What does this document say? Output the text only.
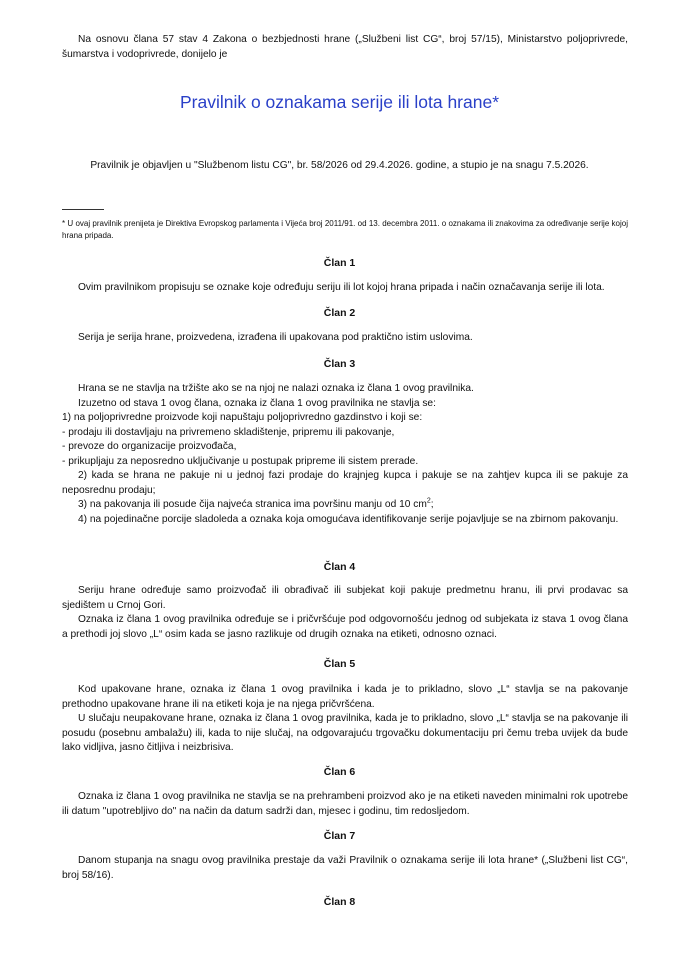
Na osnovu člana 57 stav 4 Zakona o bezbjednosti hrane („Službeni list CG“, broj 57/15), Ministarstvo poljoprivrede, šumarstva i vodoprivrede, donijelo je

Pravilnik o oznakama serije ili lota hrane*
Pravilnik je objavljen u "Službenom listu CG", br. 58/2026 od 29.4.2026. godine, a stupio je na snagu 7.5.2026.
* U ovaj pravilnik prenijeta je Direktiva Evropskog parlamenta i Vijeća broj 2011/91. od 13. decembra 2011. o oznakama ili znakovima za određivanje serije kojoj hrana pripada.
Član 1

Ovim pravilnikom propisuju se oznake koje određuju seriju ili lot kojoj hrana pripada i način označavanja serije ili lota.

Član 2

Serija je serija hrane, proizvedena, izrađena ili upakovana pod praktično istim uslovima.

Član 3
Hrana se ne stavlja na tržište ako se na njoj ne nalazi oznaka iz člana 1 ovog pravilnika.
Izuzetno od stava 1 ovog člana, oznaka iz člana 1 ovog pravilnika ne stavlja se:
1) na poljoprivredne proizvode koji napuštaju poljoprivredno gazdinstvo i koji se:
- prodaju ili dostavljaju na privremeno skladištenje, pripremu ili pakovanje,
- prevoze do organizacije proizvođača,
- prikupljaju za neposredno uključivanje u postupak pripreme ili sistem prerade.
2) kada se hrana ne pakuje ni u jednoj fazi prodaje do krajnjeg kupca i pakuje se na zahtjev kupca ili se pakuje za neposrednu prodaju;
3) na pakovanja ili posude čija najveća stranica ima površinu manju od 10 $cm^2$;
4) na pojedinačne porcije sladoleda a oznaka koja omogućava identifikovanje serije pojavljuje se na zbirnom pakovanju.
Član 4

Seriju hrane određuje samo proizvođač ili obrađivač ili subjekat koji pakuje predmetnu hranu, ili prvi prodavac sa sjedištem u Crnoj Gori.

Oznaka iz člana 1 ovog pravilnika određuje se i pričvršćuje pod odgovornošću jednog od subjekata iz stava 1 ovog člana a prethodi joj slovo „L“ osim kada se jasno razlikuje od drugih oznaka na etiketi, odnosno oznaci.

Član 5

Kod upakovane hrane, oznaka iz člana 1 ovog pravilnika i kada je to prikladno, slovo „L“ stavlja se na pakovanje prethodno upakovane hrane ili na etiketi koja je na njega pričvršćena.

U slučaju neupakovane hrane, oznaka iz člana 1 ovog pravilnika, kada je to prikladno, slovo „L“ stavlja se na pakovanje ili posudu (posebnu ambalažu) ili, kada to nije slučaj, na odgovarajuću trgovačku dokumentaciju pri čemu treba uvijek da bude lako vidljiva, jasno čitljiva i neizbrisiva.

Član 6

Oznaka iz člana 1 ovog pravilnika ne stavlja se na prehrambeni proizvod ako je na etiketi naveden minimalni rok upotrebe ili datum "upotrebljivo do" na način da datum sadrži dan, mjesec i godinu, tim redosljedom.

Član 7

Danom stupanja na snagu ovog pravilnika prestaje da važi Pravilnik o oznakama serije ili lota hrane* („Službeni list CG“, broj 58/16).

Član 8
